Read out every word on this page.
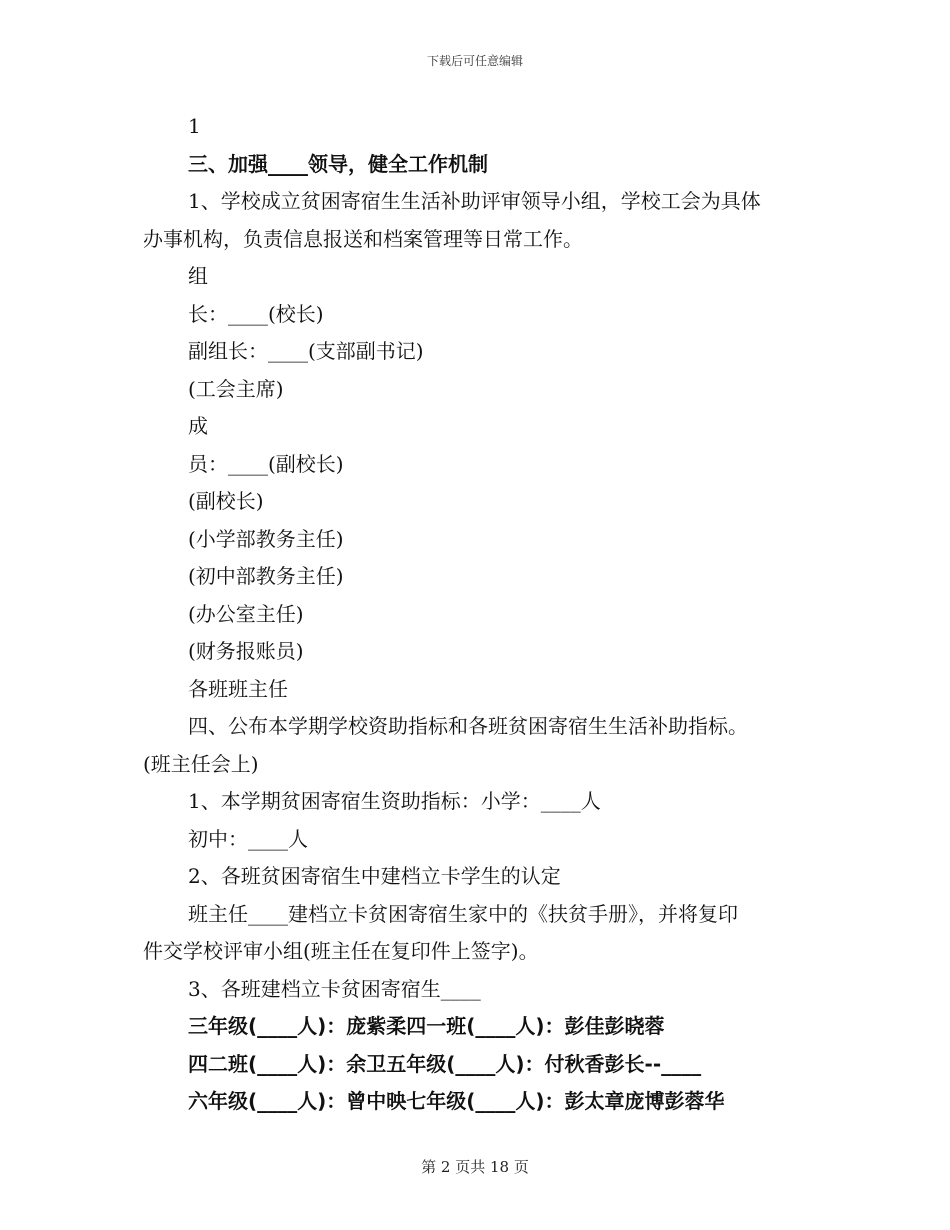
下载后可任意编辑
1
三、加强____领导，健全工作机制
1、学校成立贫困寄宿生生活补助评审领导小组，学校工会为具体
办事机构，负责信息报送和档案管理等日常工作。
组
长：____(校长)
副组长：____(支部副书记)
(工会主席)
成
员：____(副校长)
(副校长)
(小学部教务主任)
(初中部教务主任)
(办公室主任)
(财务报账员)
各班班主任
四、公布本学期学校资助指标和各班贫困寄宿生生活补助指标。
(班主任会上)
1、本学期贫困寄宿生资助指标：小学：____人
初中：____人
2、各班贫困寄宿生中建档立卡学生的认定
班主任____建档立卡贫困寄宿生家中的《扶贫手册》，并将复印
件交学校评审小组(班主任在复印件上签字)。
3、各班建档立卡贫困寄宿生____
三年级(____人)：庞紫柔四一班(____人)：彭佳彭晓蓉
四二班(____人)：余卫五年级(____人)：付秋香彭长--____
六年级(____人)：曾中映七年级(____人)：彭太章庞博彭蓉华
第 2 页共 18 页
